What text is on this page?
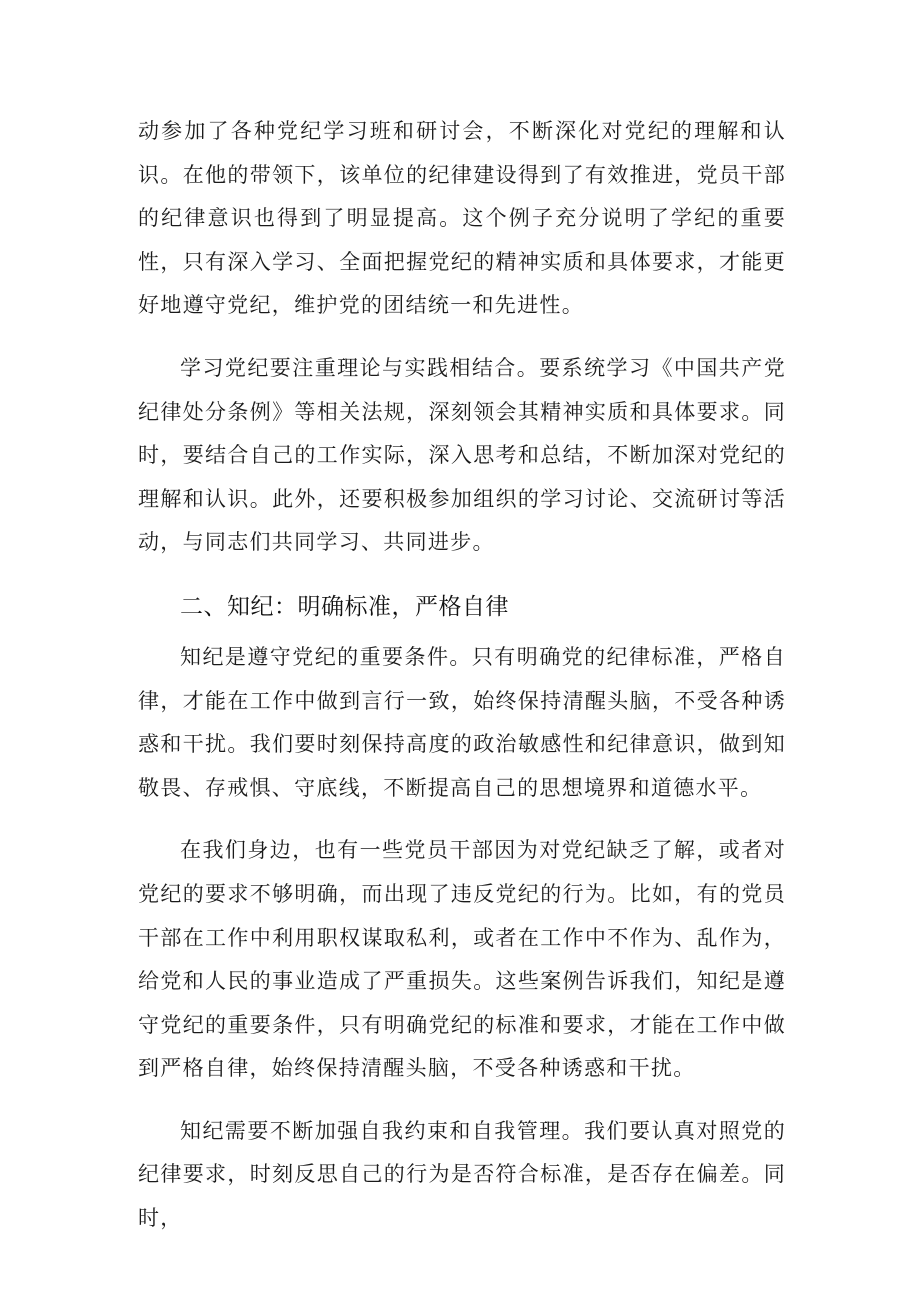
动参加了各种党纪学习班和研讨会，不断深化对党纪的理解和认识。在他的带领下，该单位的纪律建设得到了有效推进，党员干部的纪律意识也得到了明显提高。这个例子充分说明了学纪的重要性，只有深入学习、全面把握党纪的精神实质和具体要求，才能更好地遵守党纪，维护党的团结统一和先进性。

学习党纪要注重理论与实践相结合。要系统学习《中国共产党纪律处分条例》等相关法规，深刻领会其精神实质和具体要求。同时，要结合自己的工作实际，深入思考和总结，不断加深对党纪的理解和认识。此外，还要积极参加组织的学习讨论、交流研讨等活动，与同志们共同学习、共同进步。

二、知纪：明确标准，严格自律

知纪是遵守党纪的重要条件。只有明确党的纪律标准，严格自律，才能在工作中做到言行一致，始终保持清醒头脑，不受各种诱惑和干扰。我们要时刻保持高度的政治敏感性和纪律意识，做到知敬畏、存戒惧、守底线，不断提高自己的思想境界和道德水平。

在我们身边，也有一些党员干部因为对党纪缺乏了解，或者对党纪的要求不够明确，而出现了违反党纪的行为。比如，有的党员干部在工作中利用职权谋取私利，或者在工作中不作为、乱作为，给党和人民的事业造成了严重损失。这些案例告诉我们，知纪是遵守党纪的重要条件，只有明确党纪的标准和要求，才能在工作中做到严格自律，始终保持清醒头脑，不受各种诱惑和干扰。

知纪需要不断加强自我约束和自我管理。我们要认真对照党的纪律要求，时刻反思自己的行为是否符合标准，是否存在偏差。同时，
